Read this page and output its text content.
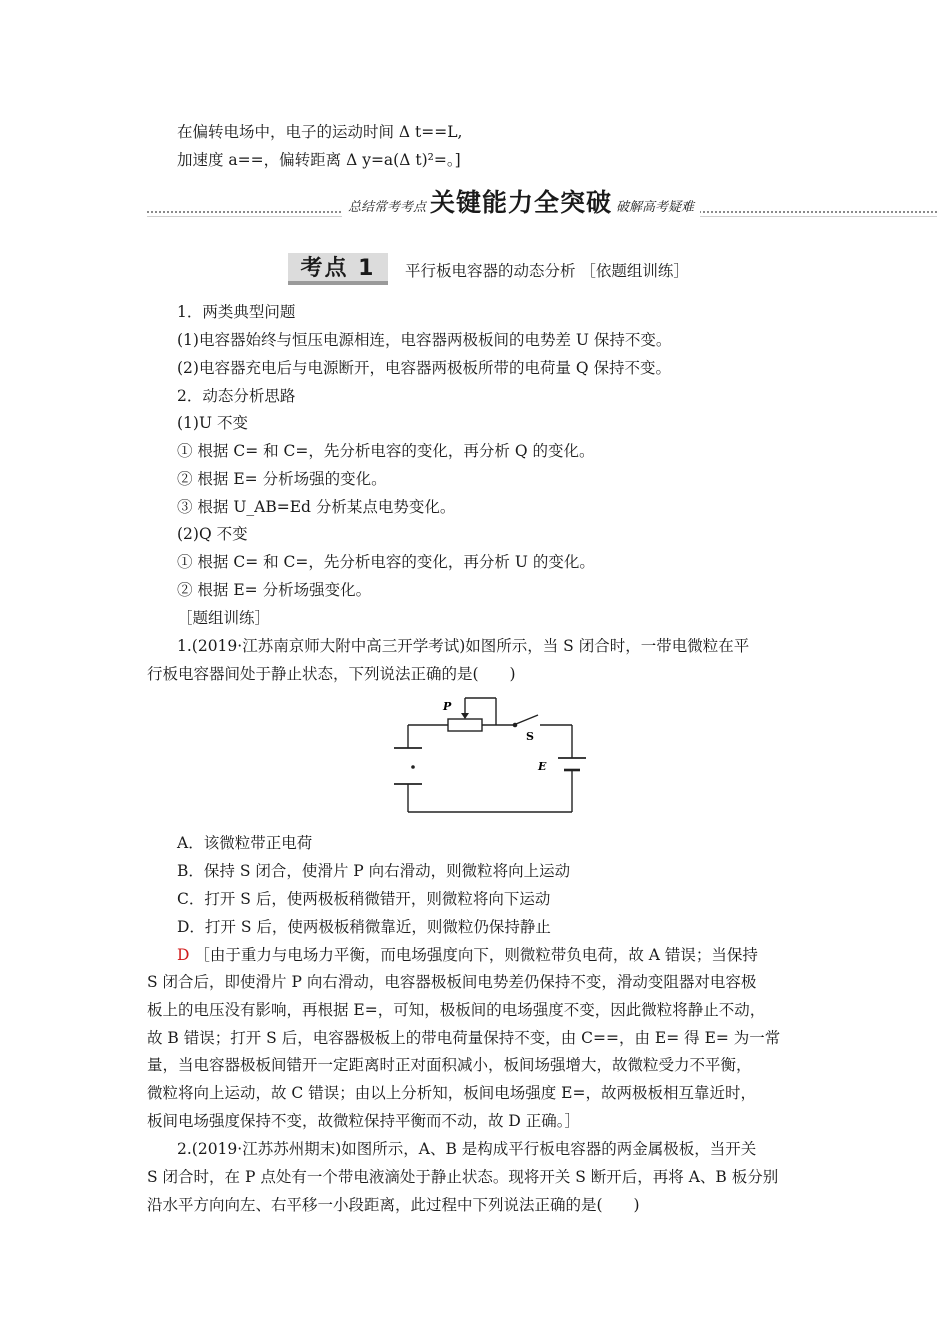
在偏转电场中，电子的运动时间 Δ t==L,
加速度 a==，偏转距离 Δ y=a(Δ t)²=。]
总结常考考点 关键能力全突破 破解高考疑难
考点 1	平行板电容器的动态分析 ［依题组训练］
1．两类典型问题
(1)电容器始终与恒压电源相连，电容器两极板间的电势差 U 保持不变。
(2)电容器充电后与电源断开，电容器两极板所带的电荷量 Q 保持不变。
2．动态分析思路
(1)U 不变
① 根据 C= 和 C=，先分析电容的变化，再分析 Q 的变化。
② 根据 E= 分析场强的变化。
③ 根据 U_AB=Ed 分析某点电势变化。
(2)Q 不变
① 根据 C= 和 C=，先分析电容的变化，再分析 U 的变化。
② 根据 E= 分析场强变化。
［题组训练］
1.(2019·江苏南京师大附中高三开学考试)如图所示，当 S 闭合时，一带电微粒在平
行板电容器间处于静止状态，下列说法正确的是(　　)
P
S
E
A．该微粒带正电荷
B．保持 S 闭合，使滑片 P 向右滑动，则微粒将向上运动
C．打开 S 后，使两极板稍微错开，则微粒将向下运动
D．打开 S 后，使两极板稍微靠近，则微粒仍保持静止
D ［由于重力与电场力平衡，而电场强度向下，则微粒带负电荷，故 A 错误；当保持
S 闭合后，即使滑片 P 向右滑动，电容器极板间电势差仍保持不变，滑动变阻器对电容极
板上的电压没有影响，再根据 E=，可知，极板间的电场强度不变，因此微粒将静止不动，
故 B 错误；打开 S 后，电容器极板上的带电荷量保持不变，由 C==，由 E= 得 E= 为一常
量，当电容器极板间错开一定距离时正对面积减小，板间场强增大，故微粒受力不平衡，
微粒将向上运动，故 C 错误；由以上分析知，板间电场强度 E=，故两极板相互靠近时，
板间电场强度保持不变，故微粒保持平衡而不动，故 D 正确。］
2.(2019·江苏苏州期末)如图所示，A、B 是构成平行板电容器的两金属极板，当开关
S 闭合时，在 P 点处有一个带电液滴处于静止状态。现将开关 S 断开后，再将 A、B 板分别
沿水平方向向左、右平移一小段距离，此过程中下列说法正确的是(　　)
